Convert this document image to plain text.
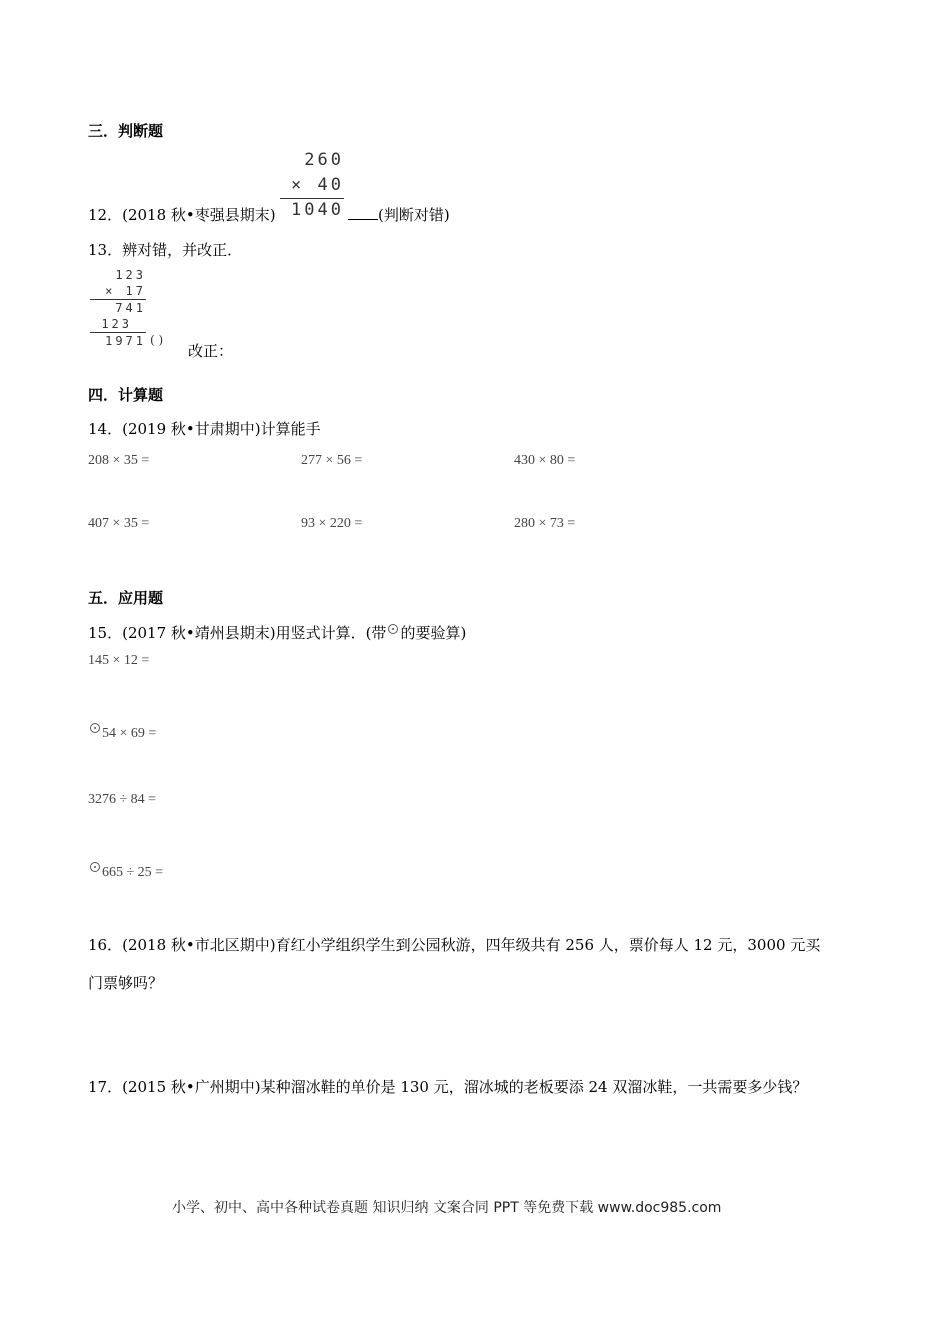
三．判断题
260
× 40
1040
12．(2018 秋•枣强县期末)	(判断对错)
13．辨对错，并改正．
123
× 17
741
123
1971 ( )
改正：
四．计算题
14．(2019 秋•甘肃期中)计算能手
208 × 35 =	277 × 56 =	430 × 80 =
407 × 35 =	93 × 220 =	280 × 73 =
五．应用题
15．(2017 秋•靖州县期末)用竖式计算．(带 的要验算)
145 × 12 =
54 × 69 =
3276 ÷ 84 =
665 ÷ 25 =
16．(2018 秋•市北区期中)育红小学组织学生到公园秋游，四年级共有 256 人，票价每人 12 元，3000 元买
门票够吗？
17．(2015 秋•广州期中)某种溜冰鞋的单价是 130 元，溜冰城的老板要添 24 双溜冰鞋，一共需要多少钱？
小学、初中、高中各种试卷真题 知识归纳 文案合同 PPT 等免费下载 www.doc985.com
